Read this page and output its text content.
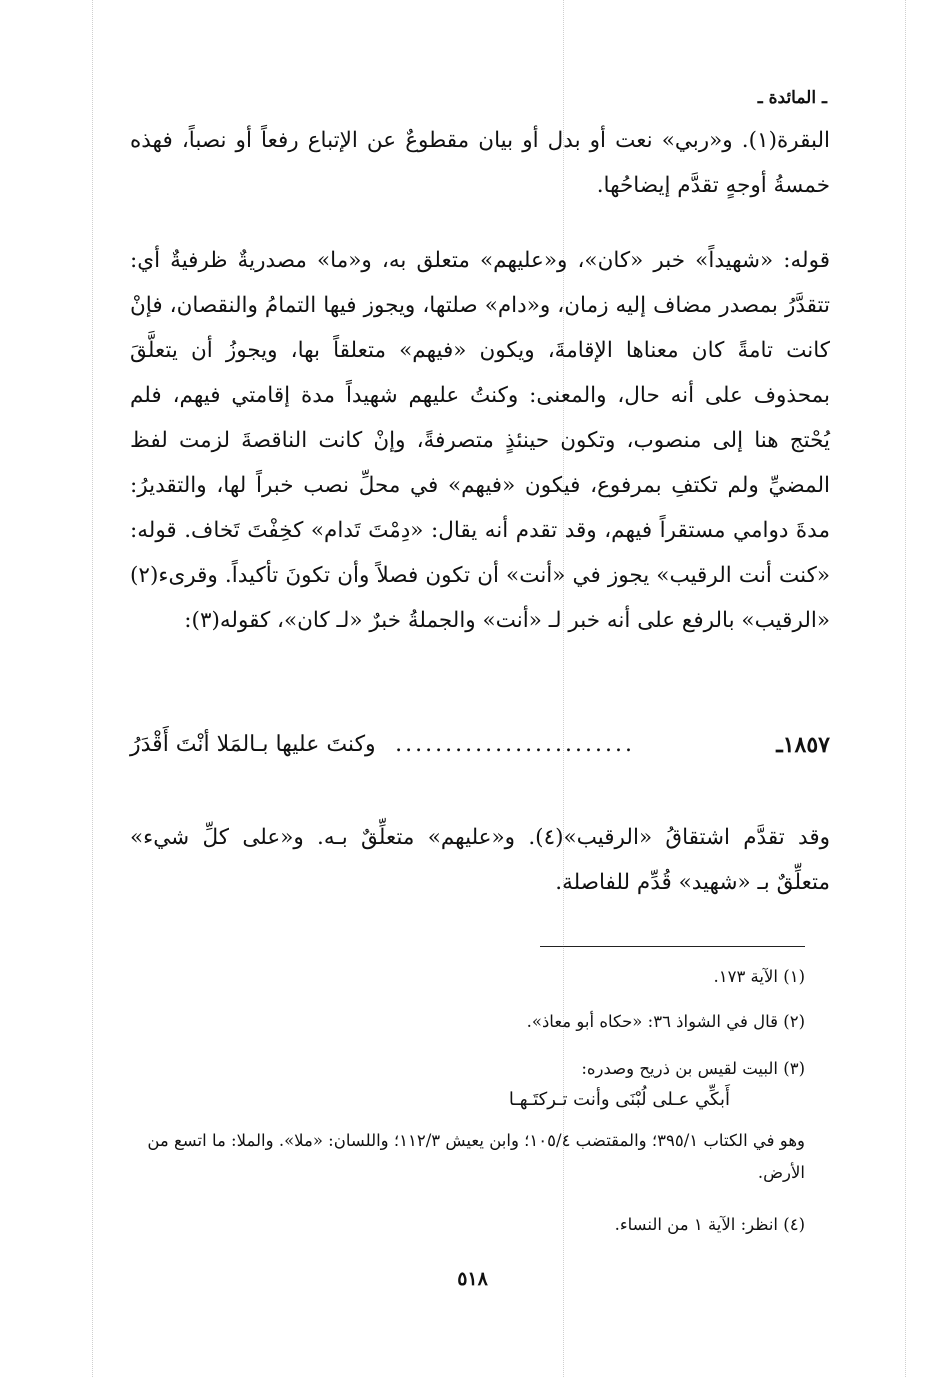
ـ المائدة ـ
البقرة(١). و«ربي» نعت أو بدل أو بيان مقطوعٌ عن الإتباع رفعاً أو نصباً، فهذه خمسةُ أوجهٍ تقدَّم إيضاحُها.
قوله: «شهيداً» خبر «كان»، و«عليهم» متعلق به، و«ما» مصدريةٌ ظرفيةٌ أي: تتقدَّرُ بمصدر مضاف إليه زمان، و«دام» صلتها، ويجوز فيها التمامُ والنقصان، فإنْ كانت تامةً كان معناها الإقامةَ، ويكون «فيهم» متعلقاً بها، ويجوزُ أن يتعلَّقَ بمحذوف على أنه حال، والمعنى: وكنتُ عليهم شهيداً مدة إقامتي فيهم، فلم يُحْتج هنا إلى منصوب، وتكون حينئذٍ متصرفةً، وإنْ كانت الناقصةَ لزمت لفظ المضيِّ ولم تكتفِ بمرفوع، فيكون «فيهم» في محلِّ نصب خبراً لها، والتقديرُ: مدةَ دوامي مستقراً فيهم، وقد تقدم أنه يقال: «دِمْتَ تَدام» كخِفْتَ تَخاف. قوله: «كنت أنت الرقيب» يجوز في «أنت» أن تكون فصلاً وأن تكونَ تأكيداً. وقرىء(٢) «الرقيب» بالرفع على أنه خبر لـ «أنت» والجملةُ خبرٌ «لـ كان»، كقوله(٣):
١٨٥٧ـ
........................
وكنتَ عليها بـالمَلا أنْتَ أَقْدَرُ
وقد تقدَّم اشتقاقُ «الرقيب»(٤). و«عليهم» متعلِّقٌ بـه. و«على كلِّ شيء» متعلِّقٌ بـ «شهيد» قُدِّم للفاصلة.
(١) الآية ١٧٣.
(٢) قال في الشواذ ٣٦: «حكاه أبو معاذ».
(٣) البيت لقيس بن ذريح وصدره:
أَبكِّي عـلى لُبْنَى وأنت تـركتَـهـا
وهو في الكتاب ٣٩٥/١؛ والمقتضب ١٠٥/٤؛ وابن يعيش ١١٢/٣؛ واللسان: «ملا». والملا: ما اتسع من الأرض.
(٤) انظر: الآية ١ من النساء.
٥١٨
